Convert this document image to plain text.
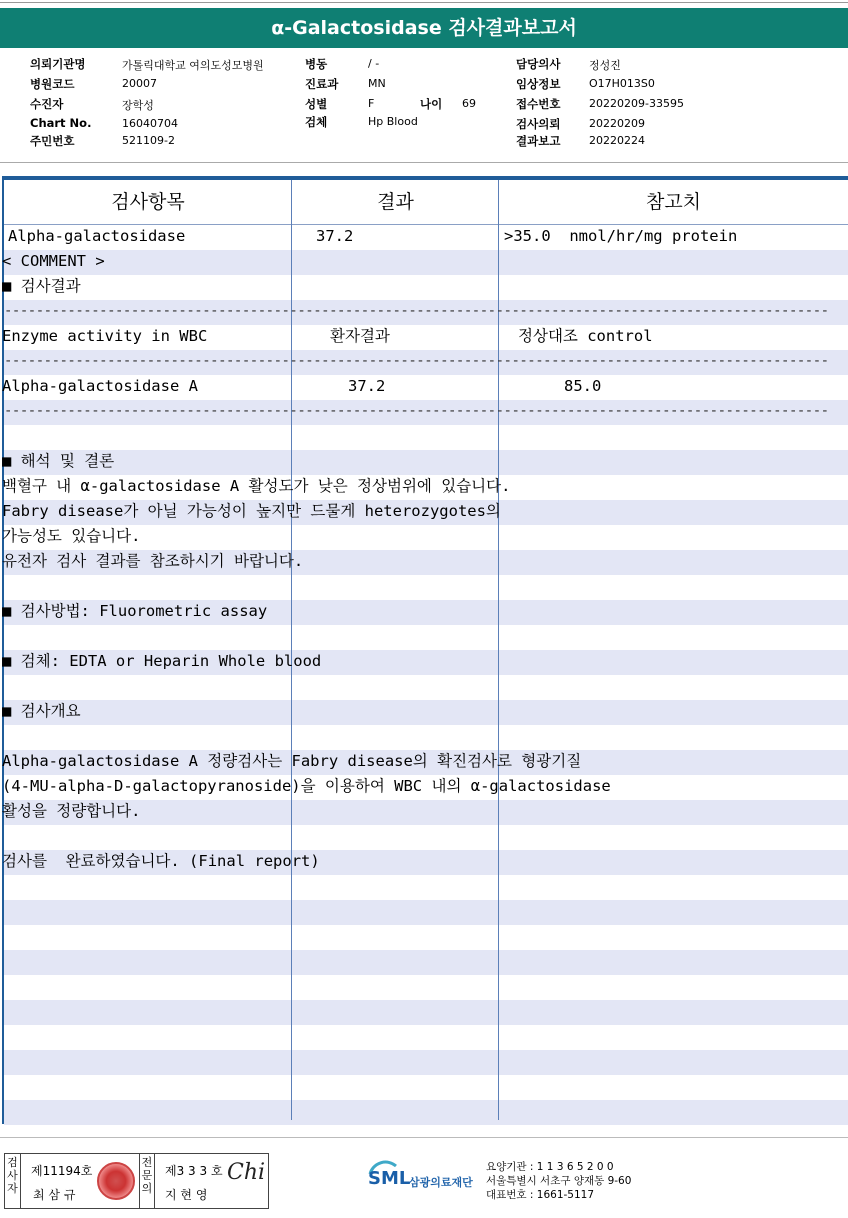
α-Galactosidase 검사결과보고서
의뢰기관명	가톨릭대학교 여의도성모병원	병동	/ -	담당의사	정성진
병원코드	20007	진료과	MN	임상정보	O17H013S0
수진자	장학성	성별	F	나이 69	접수번호	20220209-33595
Chart No.	16040704	검체	Hp Blood	검사의뢰	20220209
주민번호	521109-2	결과보고	20220224
검사항목	결과	참고치
Alpha-galactosidase	37.2	>35.0  nmol/hr/mg protein
< COMMENT >
■ 검사결과
--------------------------------------------------------------------------------------------------------
Enzyme activity in WBC	환자결과	정상대조 control
--------------------------------------------------------------------------------------------------------
Alpha-galactosidase A	37.2	85.0
--------------------------------------------------------------------------------------------------------
■ 해석 및 결론
백혈구 내 α-galactosidase A 활성도가 낮은 정상범위에 있습니다.
Fabry disease가 아닐 가능성이 높지만 드물게 heterozygotes의
가능성도 있습니다.
유전자 검사 결과를 참조하시기 바랍니다.
■ 검사방법: Fluorometric assay
■ 검체: EDTA or Heparin Whole blood
■ 검사개요
Alpha-galactosidase A 정량검사는 Fabry disease의 확진검사로 형광기질
(4-MU-alpha-D-galactopyranoside)을 이용하여 WBC 내의 α-galactosidase
활성을 정량합니다.
검사를  완료하였습니다. (Final report)
검사자
제11194호
최 삼 규
전문의
제3 3 3 호
지 현 영
Chi	SML
삼광의료재단
요양기관 : 1 1 3 6 5 2 0 0
서울특별시 서초구 양재동 9-60
대표번호 : 1661-5117
